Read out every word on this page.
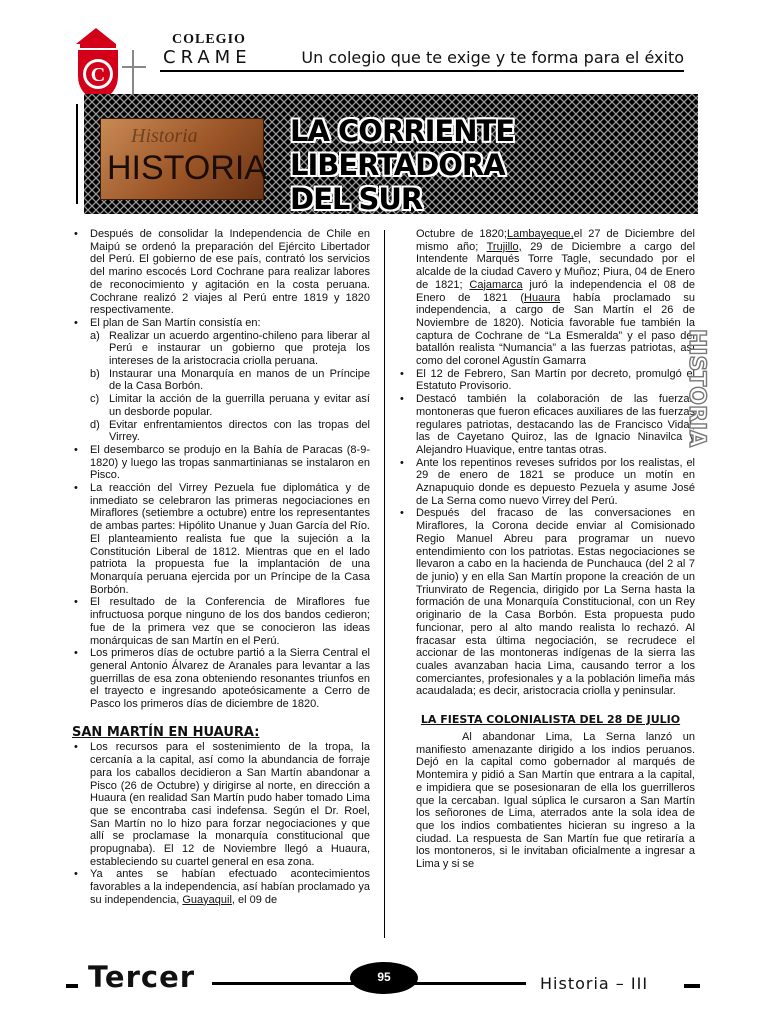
C
COLEGIO
CRAME	Un colegio que te exige y te forma para el éxito
Historia
HISTORIA
LA CORRIENTE LIBERTADORA
DEL SUR
• Después de consolidar la Independencia de Chile en Maipú se ordenó la preparación del Ejército Libertador del Perú. El gobierno de ese país, contrató los servicios del marino escocés Lord Cochrane para realizar labores de reconocimiento y agitación en la costa peruana. Cochrane realizó 2 viajes al Perú entre 1819 y 1820 respectivamente.
• El plan de San Martín consistía en:
a) Realizar un acuerdo argentino-chileno para liberar al Perú e instaurar un gobierno que proteja los intereses de la aristocracia criolla peruana.
b) Instaurar una Monarquía en manos de un Príncipe de la Casa Borbón.
c) Limitar la acción de la guerrilla peruana y evitar así un desborde popular.
d) Evitar enfrentamientos directos con las tropas del Virrey.
• El desembarco se produjo en la Bahía de Paracas (8-9-1820) y luego las tropas sanmartinianas se instalaron en Pisco.
• La reacción del Virrey Pezuela fue diplomática y de inmediato se celebraron las primeras negociaciones en Miraflores (setiembre a octubre) entre los representantes de ambas partes: Hipólito Unanue y Juan García del Río. El planteamiento realista fue que la sujeción a la Constitución Liberal de 1812. Mientras que en el lado patriota la propuesta fue la implantación de una Monarquía peruana ejercida por un Príncipe de la Casa Borbón.
• El resultado de la Conferencia de Miraflores fue infructuosa porque ninguno de los dos bandos cedieron; fue de la primera vez que se conocieron las ideas monárquicas de san Martín en el Perú.
• Los primeros días de octubre partió a la Sierra Central el general Antonio Álvarez de Aranales para levantar a las guerrillas de esa zona obteniendo resonantes triunfos en el trayecto e ingresando apoteósicamente a Cerro de Pasco los primeros días de diciembre de 1820.
SAN MARTÍN EN HUAURA:
• Los recursos para el sostenimiento de la tropa, la cercanía a la capital, así como la abundancia de forraje para los caballos decidieron a San Martín abandonar a Pisco (26 de Octubre) y dirigirse al norte, en dirección a Huaura (en realidad San Martín pudo haber tomado Lima que se encontraba casi indefensa. Según el Dr. Roel, San Martín no lo hizo para forzar negociaciones y que allí se proclamase la monarquía constitucional que propugnaba). El 12 de Noviembre llegó a Huaura, estableciendo su cuartel general en esa zona.
• Ya antes se habían efectuado acontecimientos favorables a la independencia, así habían proclamado ya su independencia, Guayaquil, el 09 de

Octubre de 1820;Lambayeque,el 27 de Diciembre del mismo año; Trujillo, 29 de Diciembre a cargo del Intendente Marqués Torre Tagle, secundado por el alcalde de la ciudad Cavero y Muñoz; Piura, 04 de Enero de 1821; Cajamarca juró la independencia el 08 de Enero de 1821 (Huaura había proclamado su independencia, a cargo de San Martín el 26 de Noviembre de 1820). Noticia favorable fue también la captura de Cochrane de “La Esmeralda” y el paso del batallón realista “Numancia” a las fuerzas patriotas, así como del coronel Agustín Gamarra

• El 12 de Febrero, San Martín por decreto, promulgó el Estatuto Provisorio.
• Destacó también la colaboración de las fuerzas montoneras que fueron eficaces auxiliares de las fuerzas regulares patriotas, destacando las de Francisco Vidal, las de Cayetano Quiroz, las de Ignacio Ninavilca y Alejandro Huavique, entre tantas otras.
• Ante los repentinos reveses sufridos por los realistas, el 29 de enero de 1821 se produce un motín en Aznapuquio donde es depuesto Pezuela y asume José de La Serna como nuevo Virrey del Perú.
• Después del fracaso de las conversaciones en Miraflores, la Corona decide enviar al Comisionado Regio Manuel Abreu para programar un nuevo entendimiento con los patriotas. Estas negociaciones se llevaron a cabo en la hacienda de Punchauca (del 2 al 7 de junio) y en ella San Martín propone la creación de un Triunvirato de Regencia, dirigido por La Serna hasta la formación de una Monarquía Constitucional, con un Rey originario de la Casa Borbón. Esta propuesta pudo funcionar, pero al alto mando realista lo rechazó. Al fracasar esta última negociación, se recrudece el accionar de las montoneras indígenas de la sierra las cuales avanzaban hacia Lima, causando terror a los comerciantes, profesionales y a la población limeña más acaudalada; es decir, aristocracia criolla y peninsular.
LA FIESTA COLONIALISTA DEL 28 DE JULIO

Al abandonar Lima, La Serna lanzó un manifiesto amenazante dirigido a los indios peruanos. Dejó en la capital como gobernador al marqués de Montemira y pidió a San Martín que entrara a la capital, e impidiera que se posesionaran de ella los guerrilleros que la cercaban. Igual súplica le cursaron a San Martín los señorones de Lima, aterrados ante la sola idea de que los indios combatientes hicieran su ingreso a la ciudad. La respuesta de San Martín fue que retiraría a los montoneros, si le invitaban oficialmente a ingresar a Lima y si se

HISTORIA
Tercer	95	Historia – III
